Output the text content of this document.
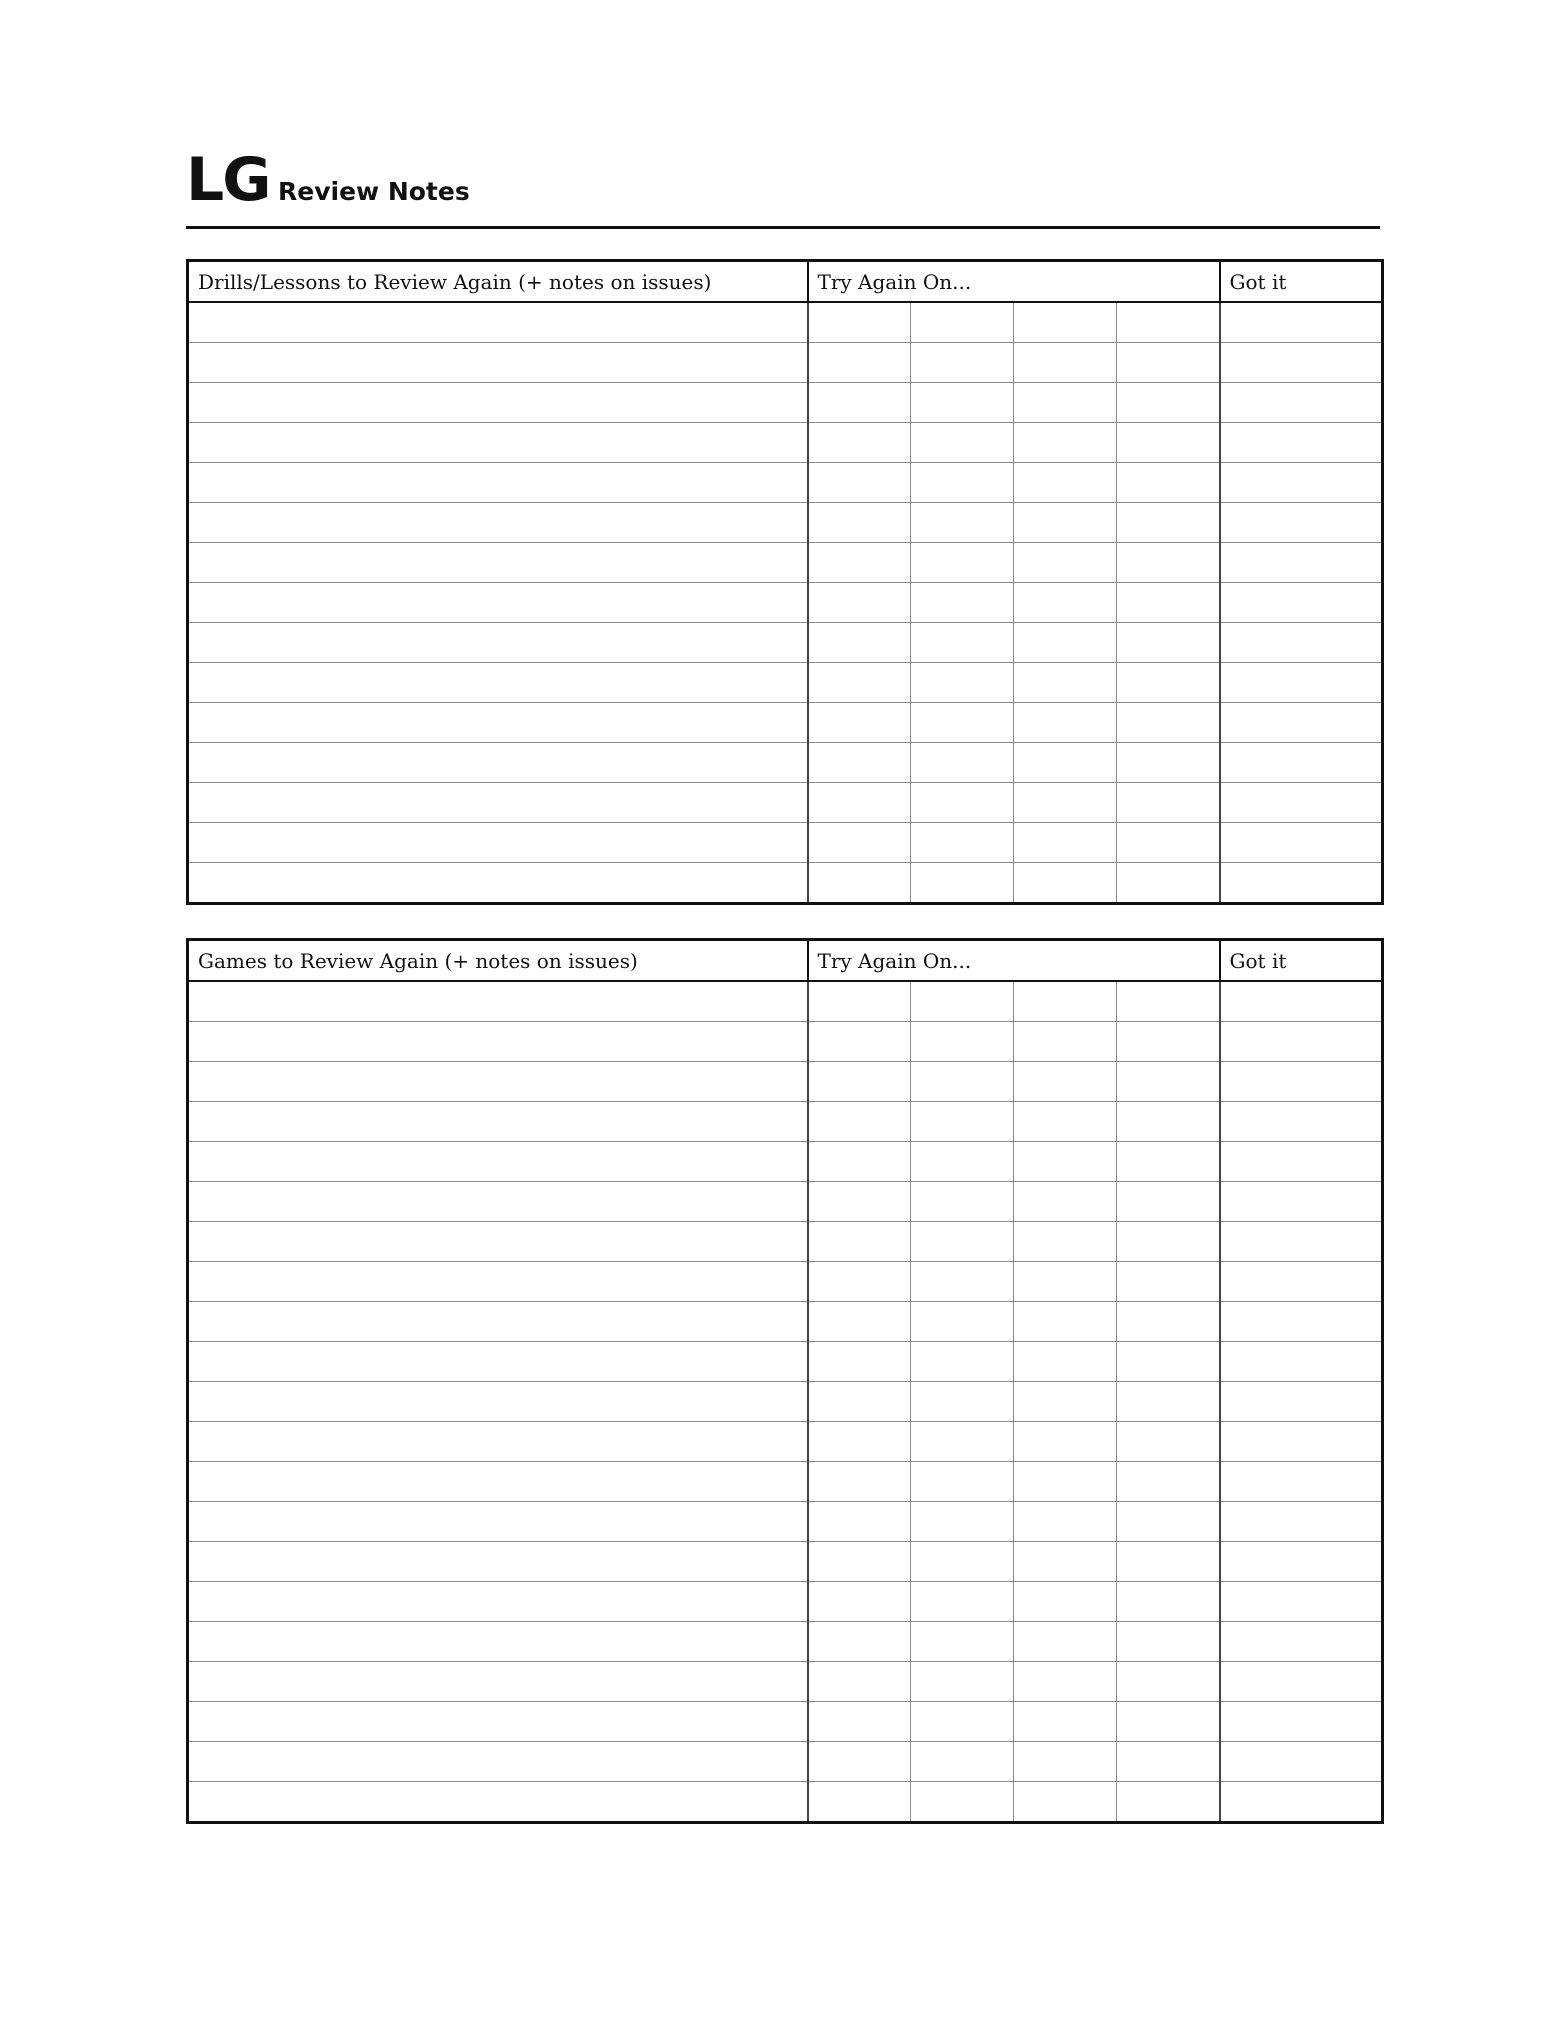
LG Review Notes
Drills/Lessons to Review Again (+ notes on issues)	Try Again On...				Got it

Games to Review Again (+ notes on issues)	Try Again On...				Got it
